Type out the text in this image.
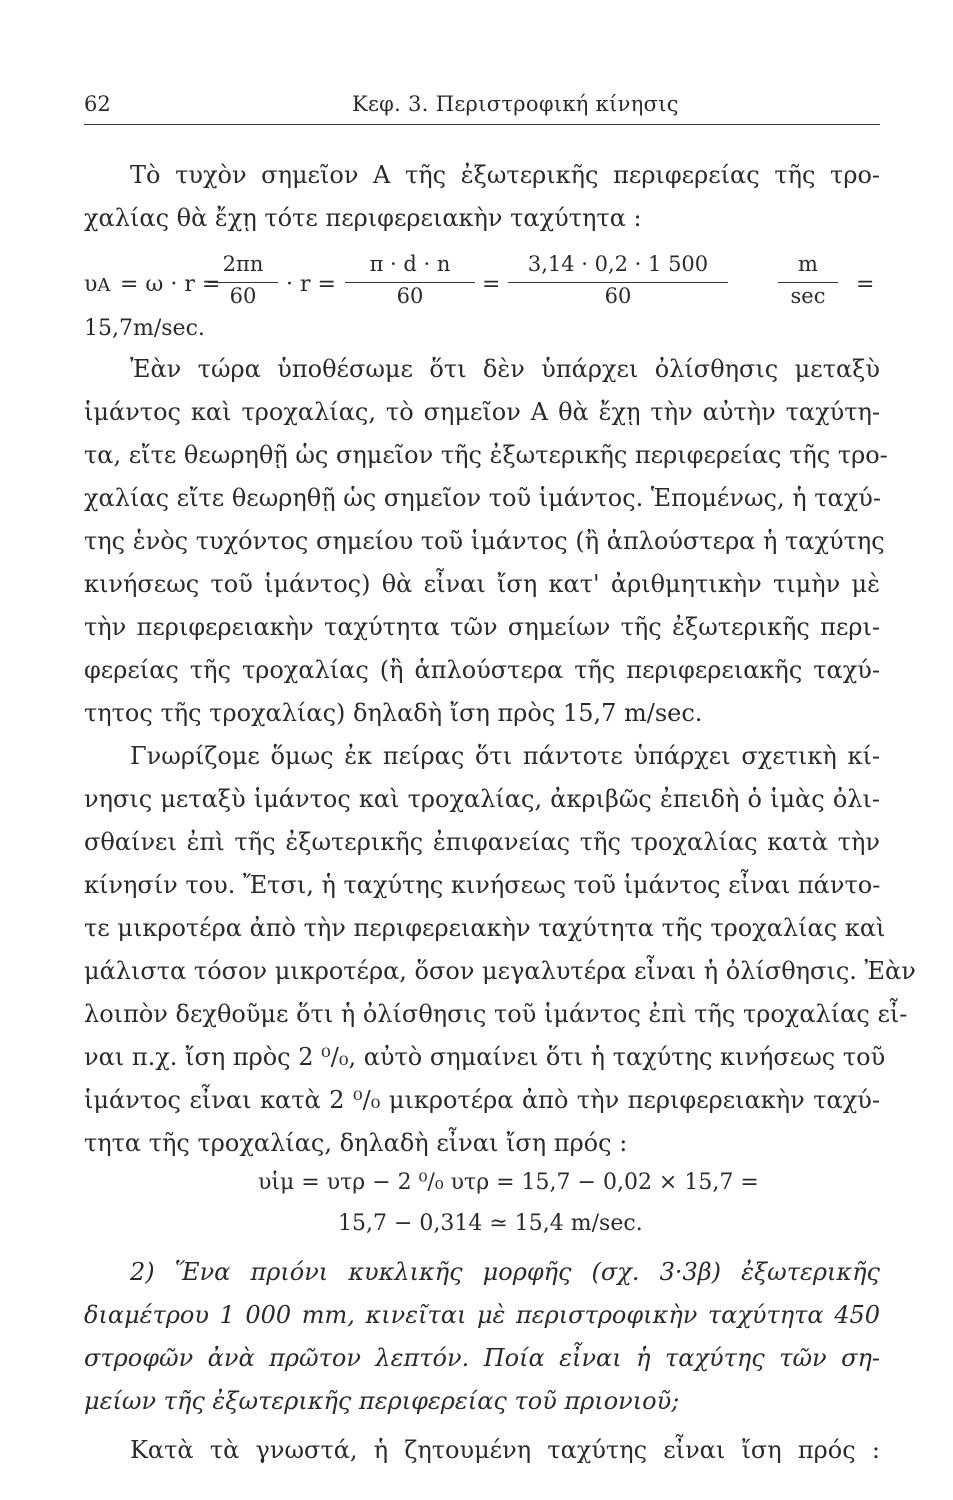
62	Κεφ. 3. Περιστροφική κίνησις
Τὸ τυχὸν σημεῖον Α τῆς ἐξωτερικῆς περιφερείας τῆς τρο-
χαλίας θὰ ἔχῃ τότε περιφερειακὴν ταχύτητα :
υA = ω · r =
2πn
60	· r =
π · d · n
60	=
3,14 · 0,2 · 1 500
60
m
sec	=
15,7m/sec.
Ἐὰν τώρα ὑποθέσωμε ὅτι δὲν ὑπάρχει ὀλίσθησις μεταξὺ
ἱμάντος καὶ τροχαλίας, τὸ σημεῖον Α θὰ ἔχῃ τὴν αὐτὴν ταχύτη-
τα, εἴτε θεωρηθῇ ὡς σημεῖον τῆς ἐξωτερικῆς περιφερείας τῆς τρο-
χαλίας εἴτε θεωρηθῇ ὡς σημεῖον τοῦ ἱμάντος. Ἑπομένως, ἡ ταχύ-
της ἑνὸς τυχόντος σημείου τοῦ ἱμάντος (ἢ ἁπλούστερα ἡ ταχύτης
κινήσεως τοῦ ἱμάντος) θὰ εἶναι ἴση κατ' ἀριθμητικὴν τιμὴν μὲ
τὴν περιφερειακὴν ταχύτητα τῶν σημείων τῆς ἐξωτερικῆς περι-
φερείας τῆς τροχαλίας (ἢ ἁπλούστερα τῆς περιφερειακῆς ταχύ-
τητος τῆς τροχαλίας) δηλαδὴ ἴση πρὸς 15,7 m/sec.
Γνωρίζομε ὅμως ἐκ πείρας ὅτι πάντοτε ὑπάρχει σχετικὴ κί-
νησις μεταξὺ ἱμάντος καὶ τροχαλίας, ἀκριβῶς ἐπειδὴ ὁ ἱμὰς ὀλι-
σθαίνει ἐπὶ τῆς ἐξωτερικῆς ἐπιφανείας τῆς τροχαλίας κατὰ τὴν
κίνησίν του. Ἔτσι, ἡ ταχύτης κινήσεως τοῦ ἱμάντος εἶναι πάντο-
τε μικροτέρα ἀπὸ τὴν περιφερειακὴν ταχύτητα τῆς τροχαλίας καὶ
μάλιστα τόσον μικροτέρα, ὅσον μεγαλυτέρα εἶναι ἡ ὀλίσθησις. Ἐὰν
λοιπὸν δεχθοῦμε ὅτι ἡ ὀλίσθησις τοῦ ἱμάντος ἐπὶ τῆς τροχαλίας εἶ-
ναι π.χ. ἴση πρὸς 2 ⁰/₀, αὐτὸ σημαίνει ὅτι ἡ ταχύτης κινήσεως τοῦ
ἱμάντος εἶναι κατὰ 2 ⁰/₀ μικροτέρα ἀπὸ τὴν περιφερειακὴν ταχύ-
τητα τῆς τροχαλίας, δηλαδὴ εἶναι ἴση πρός :
υἱμ = υτρ − 2 ⁰/₀ υτρ = 15,7 − 0,02 × 15,7 =
15,7 − 0,314 ≃ 15,4 m/sec.
2) Ἕνα πριόνι κυκλικῆς μορφῆς (σχ. 3·3β) ἐξωτερικῆς
διαμέτρου 1 000 mm, κινεῖται μὲ περιστροφικὴν ταχύτητα 450
στροφῶν ἀνὰ πρῶτον λεπτόν. Ποία εἶναι ἡ ταχύτης τῶν ση-
μείων τῆς ἐξωτερικῆς περιφερείας τοῦ πριονιοῦ;
Κατὰ τὰ γνωστά, ἡ ζητουμένη ταχύτης εἶναι ἴση πρός :
